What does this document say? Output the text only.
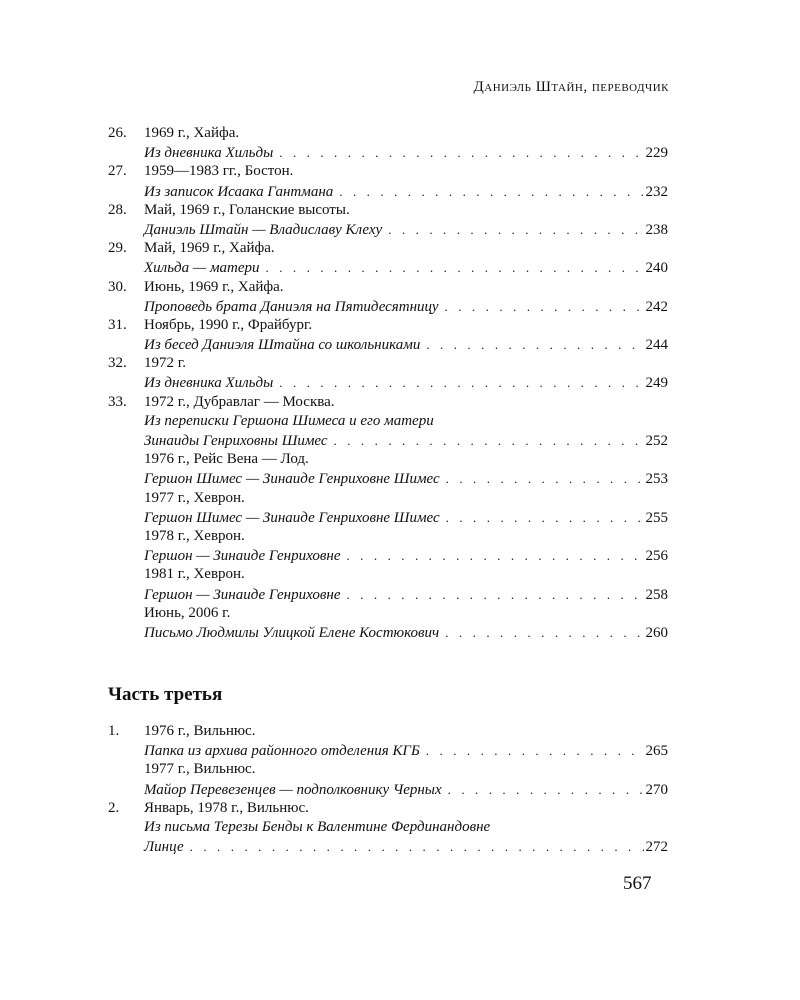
Даниэль Штайн, переводчик
26.	1969 г., Хайфа.
Из дневника Хильды . . .	229
27.	1959—1983 гг., Бостон.
Из записок Исаака Гантмана . . .	232
28.	Май, 1969 г., Голанские высоты.
Даниэль Штайн — Владиславу Клеху . . .	238
29.	Май, 1969 г., Хайфа.
Хильда — матери . . .	240
30.	Июнь, 1969 г., Хайфа.
Проповедь брата Даниэля на Пятидесятницу . . .	242
31.	Ноябрь, 1990 г., Фрайбург.
Из бесед Даниэля Штайна со школьниками . . .	244
32.	1972 г.
Из дневника Хильды . . .	249
33.	1972 г., Дубравлаг — Москва.
Из переписки Гершона Шимеса и его матери
Зинаиды Генриховны Шимес . . .	252
1976 г., Рейс Вена — Лод.
Гершон Шимес — Зинаиде Генриховне Шимес . . .	253
1977 г., Хеврон.
Гершон Шимес — Зинаиде Генриховне Шимес . . .	255
1978 г., Хеврон.
Гершон — Зинаиде Генриховне . . .	256
1981 г., Хеврон.
Гершон — Зинаиде Генриховне . . .	258
Июнь, 2006 г.
Письмо Людмилы Улицкой Елене Костюкович . . .	260
Часть третья
1.	1976 г., Вильнюс.
Папка из архива районного отделения КГБ . . .	265
1977 г., Вильнюс.
Майор Перевезенцев — подполковнику Черных . . .	270
2.	Январь, 1978 г., Вильнюс.
Из письма Терезы Бенды к Валентине Фердинандовне
Линце . . .	272
567
